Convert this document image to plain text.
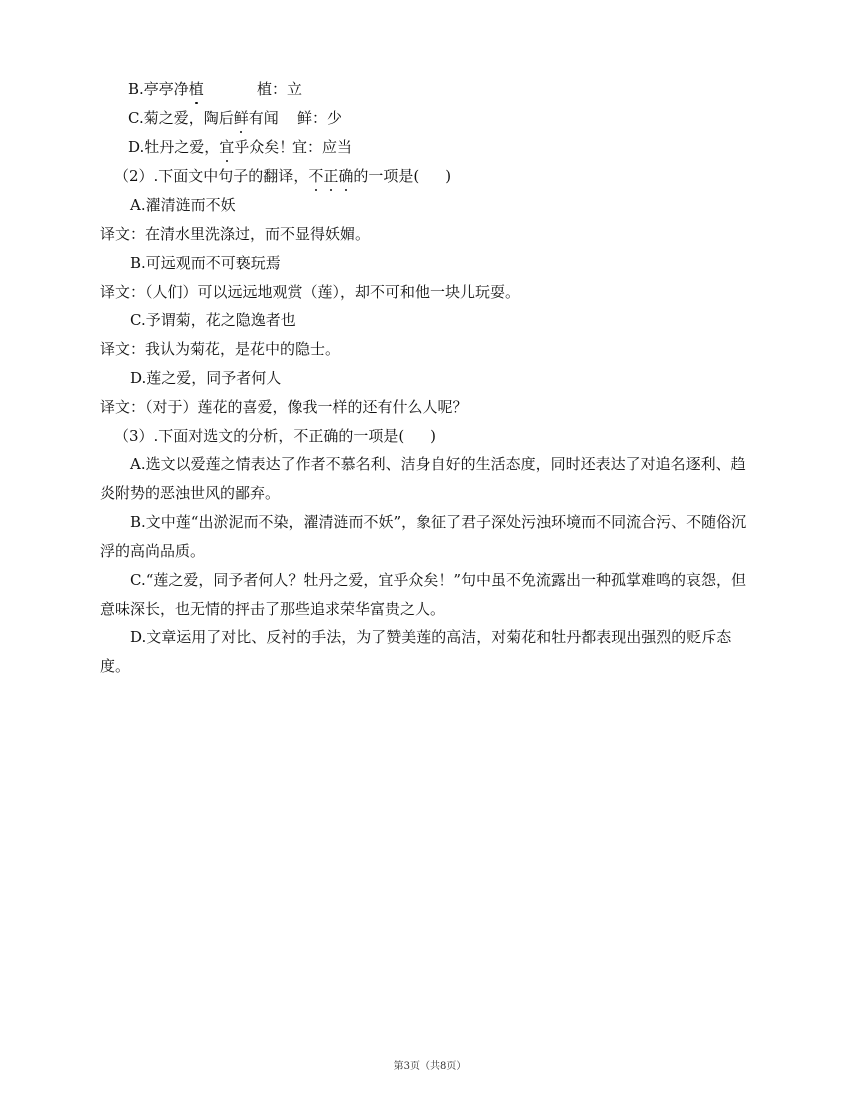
B.亭亭净植	植：立
C.菊之爱，陶后鲜有闻 鲜：少
D.牡丹之爱，宜乎众矣！
宜：应当
（2）.下面文中句子的翻译，不正确的一项是( )
A.濯清涟而不妖
译文：在清水里洗涤过，而不显得妖媚。
B.可远观而不可亵玩焉
译文：（人们）可以远远地观赏（莲），却不可和他一块儿玩耍。
C.予谓菊，花之隐逸者也
译文：我认为菊花，是花中的隐士。
D.莲之爱，同予者何人
译文：（对于）莲花的喜爱，像我一样的还有什么人呢？
（3）.下面对选文的分析，不正确的一项是( )
A.选文以爱莲之情表达了作者不慕名利、洁身自好的生活态度，同时还表达了对追名逐利、趋
炎附势的恶浊世风的鄙弃。
B.文中莲“出淤泥而不染，濯清涟而不妖”，象征了君子深处污浊环境而不同流合污、不随俗沉
浮的高尚品质。
C.“莲之爱，同予者何人？牡丹之爱，宜乎众矣！”句中虽不免流露出一种孤掌难鸣的哀怨，但
意味深长，也无情的抨击了那些追求荣华富贵之人。
D.文章运用了对比、反衬的手法，为了赞美莲的高洁，对菊花和牡丹都表现出强烈的贬斥态
度。
第3页（共8页）
